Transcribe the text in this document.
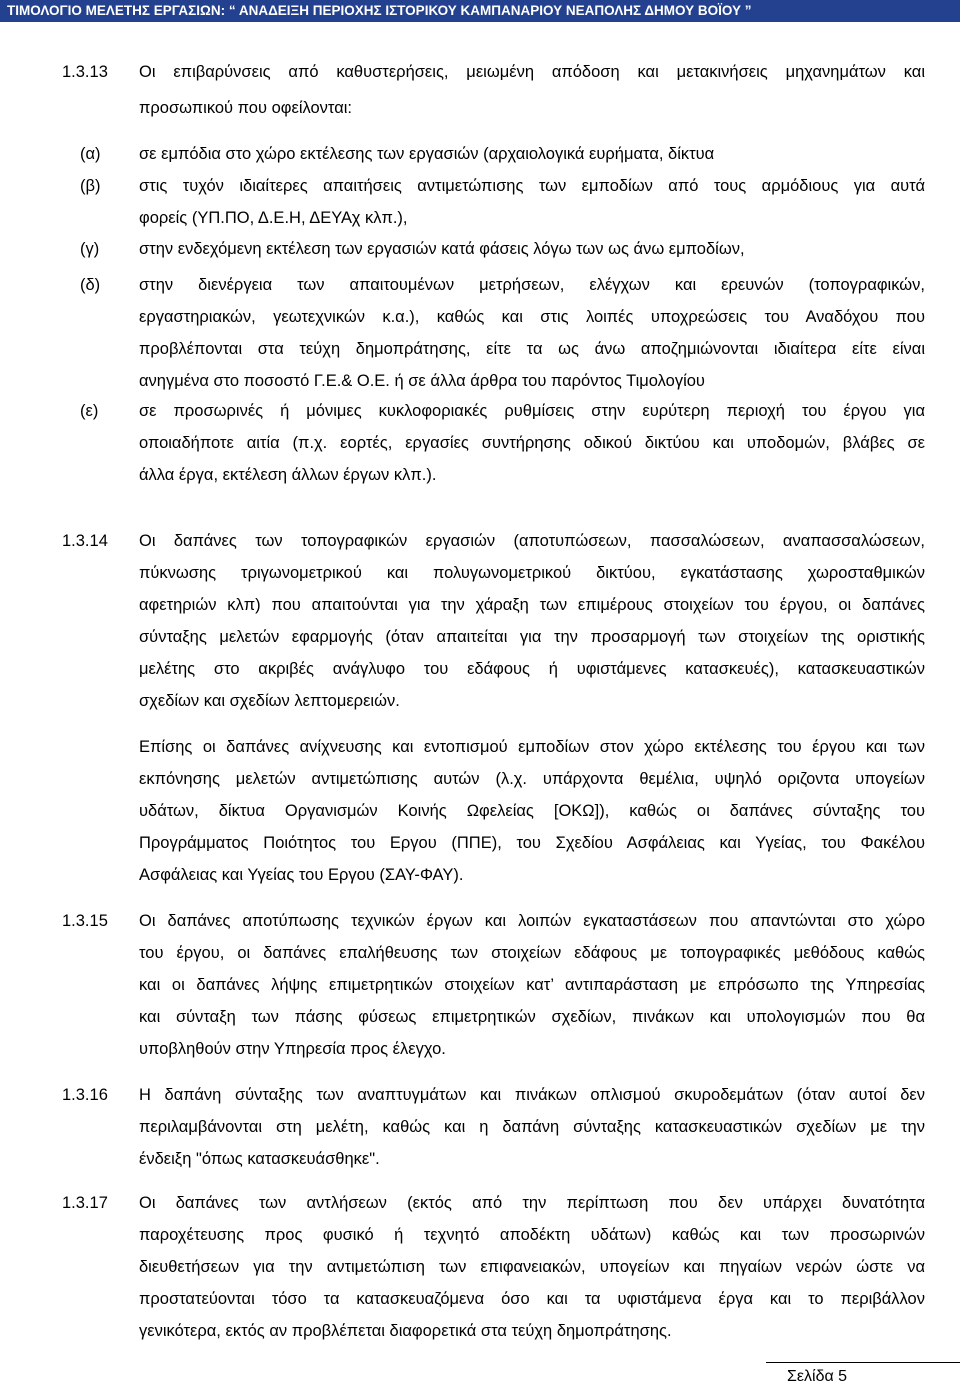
ΤΙΜΟΛΟΓΙΟ ΜΕΛΕΤΗΣ ΕΡΓΑΣΙΩΝ: “ ΑΝΑΔΕΙΞΗ ΠΕΡΙΟΧΗΣ ΙΣΤΟΡΙΚΟΥ ΚΑΜΠΑΝΑΡΙΟΥ ΝΕΑΠΟΛΗΣ ΔΗΜΟΥ ΒΟΪΟΥ ”
1.3.13 Οι επιβαρύνσεις από καθυστερήσεις, μειωμένη απόδοση και μετακινήσεις μηχανημάτων και
προσωπικού που οφείλονται:
(α) σε εμπόδια στο χώρο εκτέλεσης των εργασιών (αρχαιολογικά ευρήματα, δίκτυα
(β) στις τυχόν ιδιαίτερες απαιτήσεις αντιμετώπισης των εμποδίων από τους αρμόδιους για αυτά
φορείς (ΥΠ.ΠΟ, Δ.Ε.Η, ΔΕΥΑχ κλπ.),
(γ) στην ενδεχόμενη εκτέλεση των εργασιών κατά φάσεις λόγω των ως άνω εμποδίων,
(δ) στην διενέργεια των απαιτουμένων μετρήσεων, ελέγχων και ερευνών (τοπογραφικών,
εργαστηριακών, γεωτεχνικών κ.α.), καθώς και στις λοιπές υποχρεώσεις του Αναδόχου που
προβλέπονται στα τεύχη δημοπράτησης, είτε τα ως άνω αποζημιώνονται ιδιαίτερα είτε είναι
ανηγμένα στο ποσοστό Γ.Ε.& Ο.Ε. ή σε άλλα άρθρα του παρόντος Τιμολογίου
(ε) σε προσωρινές ή μόνιμες κυκλοφοριακές ρυθμίσεις στην ευρύτερη περιοχή του έργου για
οποιαδήποτε αιτία (π.χ. εορτές, εργασίες συντήρησης οδικού δικτύου και υποδομών, βλάβες σε
άλλα έργα, εκτέλεση άλλων έργων κλπ.).
1.3.14 Οι δαπάνες των τοπογραφικών εργασιών (αποτυπώσεων, πασσαλώσεων, αναπασσαλώσεων,
πύκνωσης τριγωνομετρικού και πολυγωνομετρικού δικτύου, εγκατάστασης χωροσταθμικών
αφετηριών κλπ) που απαιτούνται για την χάραξη των επιμέρους στοιχείων του έργου, οι δαπάνες
σύνταξης μελετών εφαρμογής (όταν απαιτείται για την προσαρμογή των στοιχείων της οριστικής
μελέτης στο ακριβές ανάγλυφο του εδάφους ή υφιστάμενες κατασκευές), κατασκευαστικών
σχεδίων και σχεδίων λεπτομερειών.
Επίσης οι δαπάνες ανίχνευσης και εντοπισμού εμποδίων στον χώρο εκτέλεσης του έργου και των
εκπόνησης μελετών αντιμετώπισης αυτών (λ.χ. υπάρχοντα θεμέλια, υψηλό οριζοντα υπογείων
υδάτων, δίκτυα Οργανισμών Κοινής Ωφελείας [ΟΚΩ]), καθώς οι δαπάνες σύνταξης του
Προγράμματος Ποιότητος του Εργου (ΠΠΕ), του Σχεδίου Ασφάλειας και Υγείας, του Φακέλου
Ασφάλειας και Υγείας του Εργου (ΣΑΥ-ΦΑΥ).
1.3.15 Οι δαπάνες αποτύπωσης τεχνικών έργων και λοιπών εγκαταστάσεων που απαντώνται στο χώρο
του έργου, οι δαπάνες επαλήθευσης των στοιχείων εδάφους με τοπογραφικές μεθόδους καθώς
και οι δαπάνες λήψης επιμετρητικών στοιχείων κατ’ αντιπαράσταση με επρόσωπο της Υπηρεσίας
και σύνταξη των πάσης φύσεως επιμετρητικών σχεδίων, πινάκων και υπολογισμών που θα
υποβληθούν στην Υπηρεσία προς έλεγχο.
1.3.16 Η δαπάνη σύνταξης των αναπτυγμάτων και πινάκων οπλισμού σκυροδεμάτων (όταν αυτοί δεν
περιλαμβάνονται στη μελέτη, καθώς και η δαπάνη σύνταξης κατασκευαστικών σχεδίων με την
ένδειξη "όπως κατασκευάσθηκε".
1.3.17 Οι δαπάνες των αντλήσεων (εκτός από την περίπτωση που δεν υπάρχει δυνατότητα
παροχέτευσης προς φυσικό ή τεχνητό αποδέκτη υδάτων) καθώς και των προσωρινών
διευθετήσεων για την αντιμετώπιση των επιφανειακών, υπογείων και πηγαίων νερών ώστε να
προστατεύονται τόσο τα κατασκευαζόμενα όσο και τα υφιστάμενα έργα και το περιβάλλον
γενικότερα, εκτός αν προβλέπεται διαφορετικά στα τεύχη δημοπράτησης.
Σελίδα 5
